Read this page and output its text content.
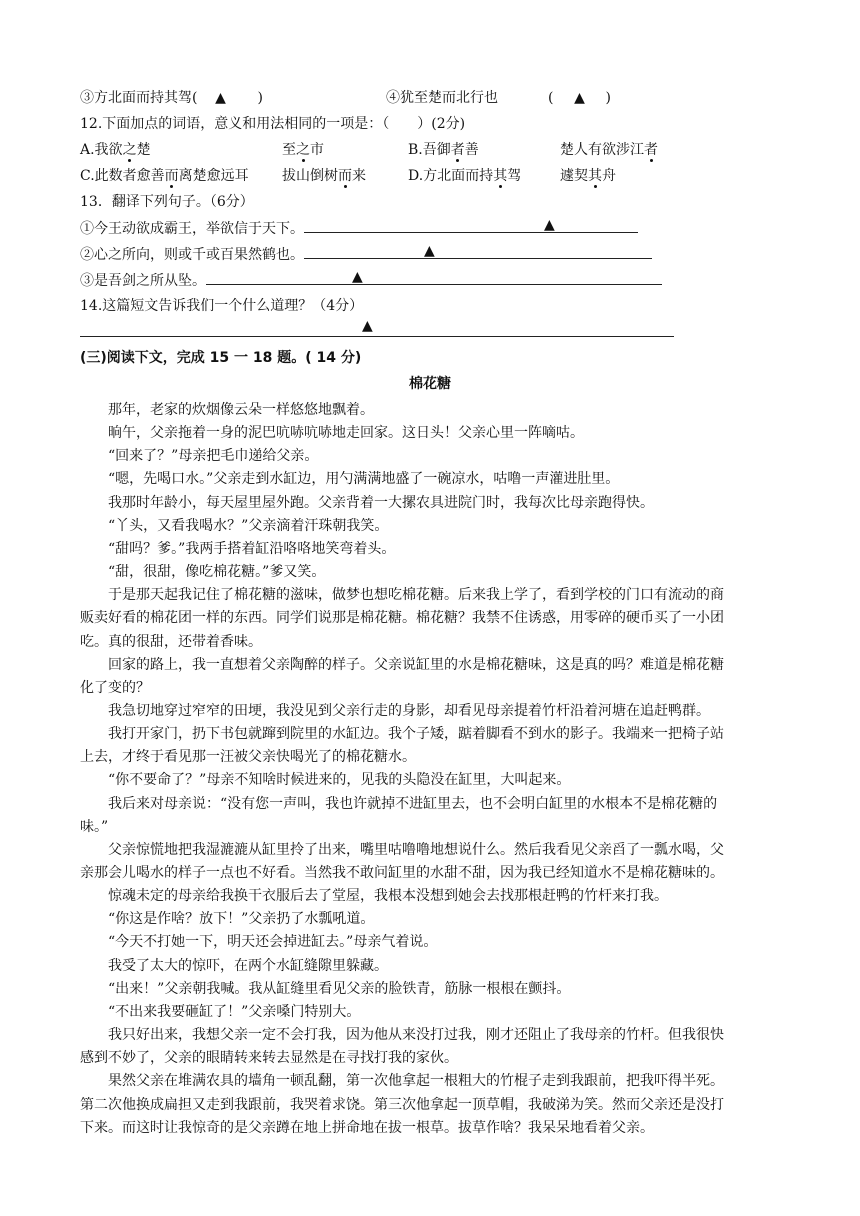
③方北面而持其驾( ▲ )	④犹至楚而北行也	( ▲ )
12.下面加点的词语，意义和用法相同的一项是：（　　）(2分)
A.我欲之楚	至之市	B.吾御者善	楚人有欲涉江者
C.此数者愈善而离楚愈远耳 拔山倒树而来	D.方北面而持其驾	遽契其舟
13．翻译下列句子。（6分）
①今王动欲成霸王，举欲信于天下。	▲
②心之所向，则或千或百果然鹤也。	▲
③是吾剑之所从坠。	▲
14.这篇短文告诉我们一个什么道理？（4分）
▲
(三)阅读下文，完成 15 一 18 题。( 14 分)
棉花糖
那年，老家的炊烟像云朵一样悠悠地飘着。
晌午，父亲拖着一身的泥巴吭哧吭哧地走回家。这日头！父亲心里一阵嘀咕。
“回来了？”母亲把毛巾递给父亲。
“嗯，先喝口水。”父亲走到水缸边，用勺满满地盛了一碗凉水，咕噜一声灌进肚里。
我那时年龄小，每天屋里屋外跑。父亲背着一大摞农具进院门时，我每次比母亲跑得快。
“丫头，又看我喝水？”父亲滴着汗珠朝我笑。
“甜吗？爹。”我两手搭着缸沿咯咯地笑弯着头。
“甜，很甜，像吃棉花糖。”爹又笑。
于是那天起我记住了棉花糖的滋味，做梦也想吃棉花糖。后来我上学了，看到学校的门口有流动的商
贩卖好看的棉花团一样的东西。同学们说那是棉花糖。棉花糖？我禁不住诱惑，用零碎的硬币买了一小团
吃。真的很甜，还带着香味。
回家的路上，我一直想着父亲陶醉的样子。父亲说缸里的水是棉花糖味，这是真的吗？难道是棉花糖
化了变的？
我急切地穿过窄窄的田埂，我没见到父亲行走的身影，却看见母亲提着竹杆沿着河塘在追赶鸭群。
我打开家门，扔下书包就蹿到院里的水缸边。我个子矮，踮着脚看不到水的影子。我端来一把椅子站
上去，才终于看见那一汪被父亲快喝光了的棉花糖水。
“你不要命了？”母亲不知啥时候进来的，见我的头隐没在缸里，大叫起来。
我后来对母亲说：“没有您一声叫，我也许就掉不进缸里去，也不会明白缸里的水根本不是棉花糖的
味。”
父亲惊慌地把我湿漉漉从缸里拎了出来，嘴里咕噜噜地想说什么。然后我看见父亲舀了一瓢水喝，父
亲那会儿喝水的样子一点也不好看。当然我不敢问缸里的水甜不甜，因为我已经知道水不是棉花糖味的。
惊魂未定的母亲给我换干衣服后去了堂屋，我根本没想到她会去找那根赶鸭的竹杆来打我。
“你这是作啥？放下！”父亲扔了水瓢吼道。
“今天不打她一下，明天还会掉进缸去。”母亲气着说。
我受了太大的惊吓，在两个水缸缝隙里躲藏。
“出来！”父亲朝我喊。我从缸缝里看见父亲的脸铁青，筋脉一根根在颤抖。
“不出来我要砸缸了！”父亲嗓门特别大。
我只好出来，我想父亲一定不会打我，因为他从来没打过我，刚才还阻止了我母亲的竹杆。但我很快
感到不妙了，父亲的眼睛转来转去显然是在寻找打我的家伙。
果然父亲在堆满农具的墙角一顿乱翻，第一次他拿起一根粗大的竹棍子走到我跟前，把我吓得半死。
第二次他换成扁担又走到我跟前，我哭着求饶。第三次他拿起一顶草帽，我破涕为笑。然而父亲还是没打
下来。而这时让我惊奇的是父亲蹲在地上拼命地在拔一根草。拔草作啥？我呆呆地看着父亲。
